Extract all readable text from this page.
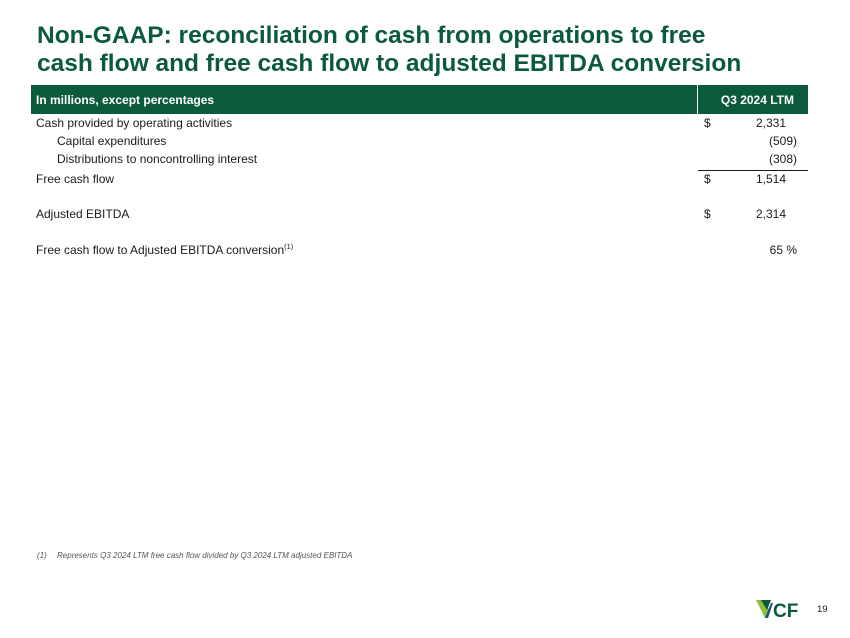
Non-GAAP: reconciliation of cash from operations to free
cash flow and free cash flow to adjusted EBITDA conversion
In millions, except percentages	Q3 2024 LTM
Cash provided by operating activities	$	2,331
Capital expenditures	(509)
Distributions to noncontrolling interest	(308)
Free cash flow	$	1,514
Adjusted EBITDA	$	2,314
Free cash flow to Adjusted EBITDA conversion$^{(1)}$	65 %
(1) Represents Q3 2024 LTM free cash flow divided by Q3 2024 LTM adjusted EBITDA
CF 19
